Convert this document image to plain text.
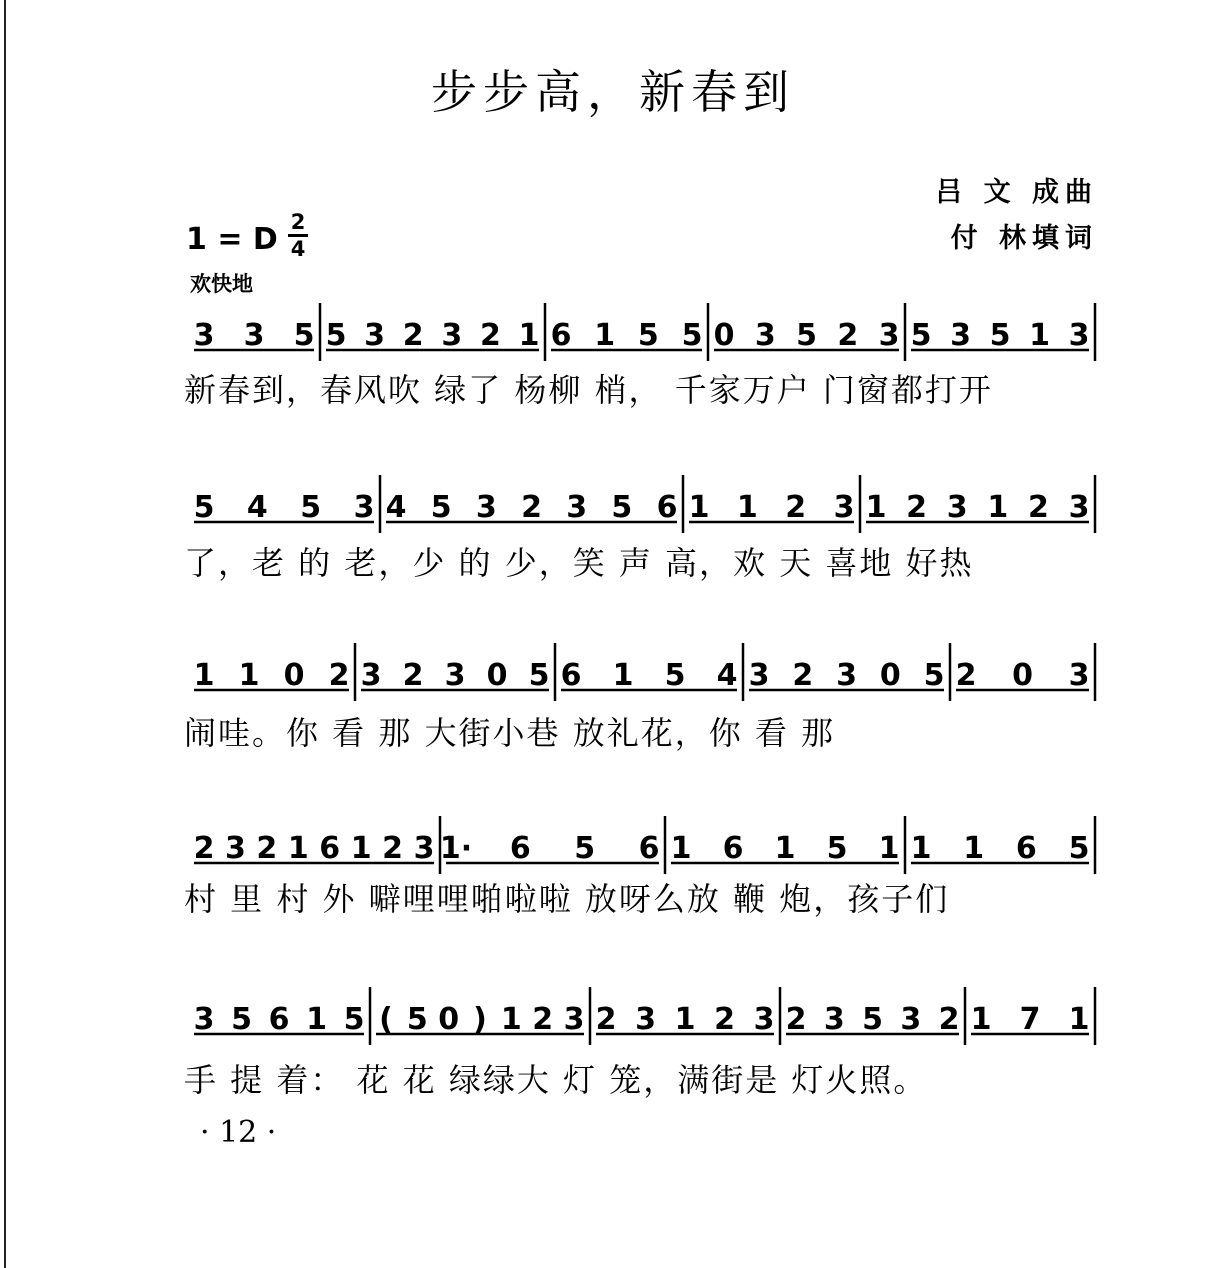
步步高，新春到
吕 文 成曲
付 林填词
1 = D 2
4
欢快地
3 3 5 5 3 2 3 2 1 6 1 5 5 0 3 5 2 3 5 3 5 1 3
5 4 5 3 4 5 3 2 3 5 6 1 1 2 3 1 2 3 1 2 3
1 1 0 2 3 2 3 0 5 6 1 5 4 3 2 3 0 5 2 0 3
2 3 2 1 6 1 2 3 1· 6 5 6 1 6 1 5 1 1 1 6 5
3 5 6 1 5 ( 5 0 ) 1 2 3 2 3 1 2 3 2 3 5 3 2 1 7 1
新春到，春风吹 绿了 杨柳 梢， 千家万户 门窗都打开
了，老 的 老，少 的 少，笑 声 高，欢 天 喜地 好热
闹哇。你 看 那 大街小巷 放礼花，你 看 那
村 里 村 外 噼哩哩啪啦啦 放呀么放 鞭 炮，孩子们
手 提 着： 花 花 绿绿大 灯 笼，满街是 灯火照。
· 12 ·
